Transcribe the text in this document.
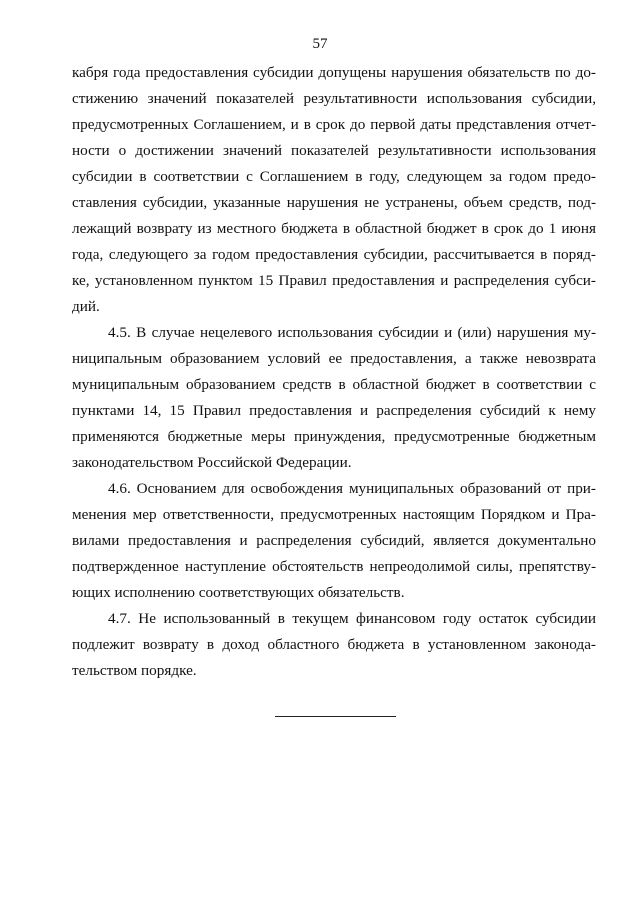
57
кабря года предоставления субсидии допущены нарушения обязательств по до-
стижению значений показателей результативности использования субсидии,
предусмотренных Соглашением, и в срок до первой даты представления отчет-
ности о достижении значений показателей результативности использования
субсидии в соответствии с Соглашением в году, следующем за годом предо-
ставления субсидии, указанные нарушения не устранены, объем средств, под-
лежащий возврату из местного бюджета в областной бюджет в срок до 1 июня
года, следующего за годом предоставления субсидии, рассчитывается в поряд-
ке, установленном пунктом 15 Правил предоставления и распределения субси-
дий.
4.5. В случае нецелевого использования субсидии и (или) нарушения му-
ниципальным образованием условий ее предоставления, а также невозврата
муниципальным образованием средств в областной бюджет в соответствии с
пунктами 14, 15 Правил предоставления и распределения субсидий к нему
применяются бюджетные меры принуждения, предусмотренные бюджетным
законодательством Российской Федерации.
4.6. Основанием для освобождения муниципальных образований от при-
менения мер ответственности, предусмотренных настоящим Порядком и Пра-
вилами предоставления и распределения субсидий, является документально
подтвержденное наступление обстоятельств непреодолимой силы, препятству-
ющих исполнению соответствующих обязательств.
4.7. Не использованный в текущем финансовом году остаток субсидии
подлежит возврату в доход областного бюджета в установленном законода-
тельством порядке.
